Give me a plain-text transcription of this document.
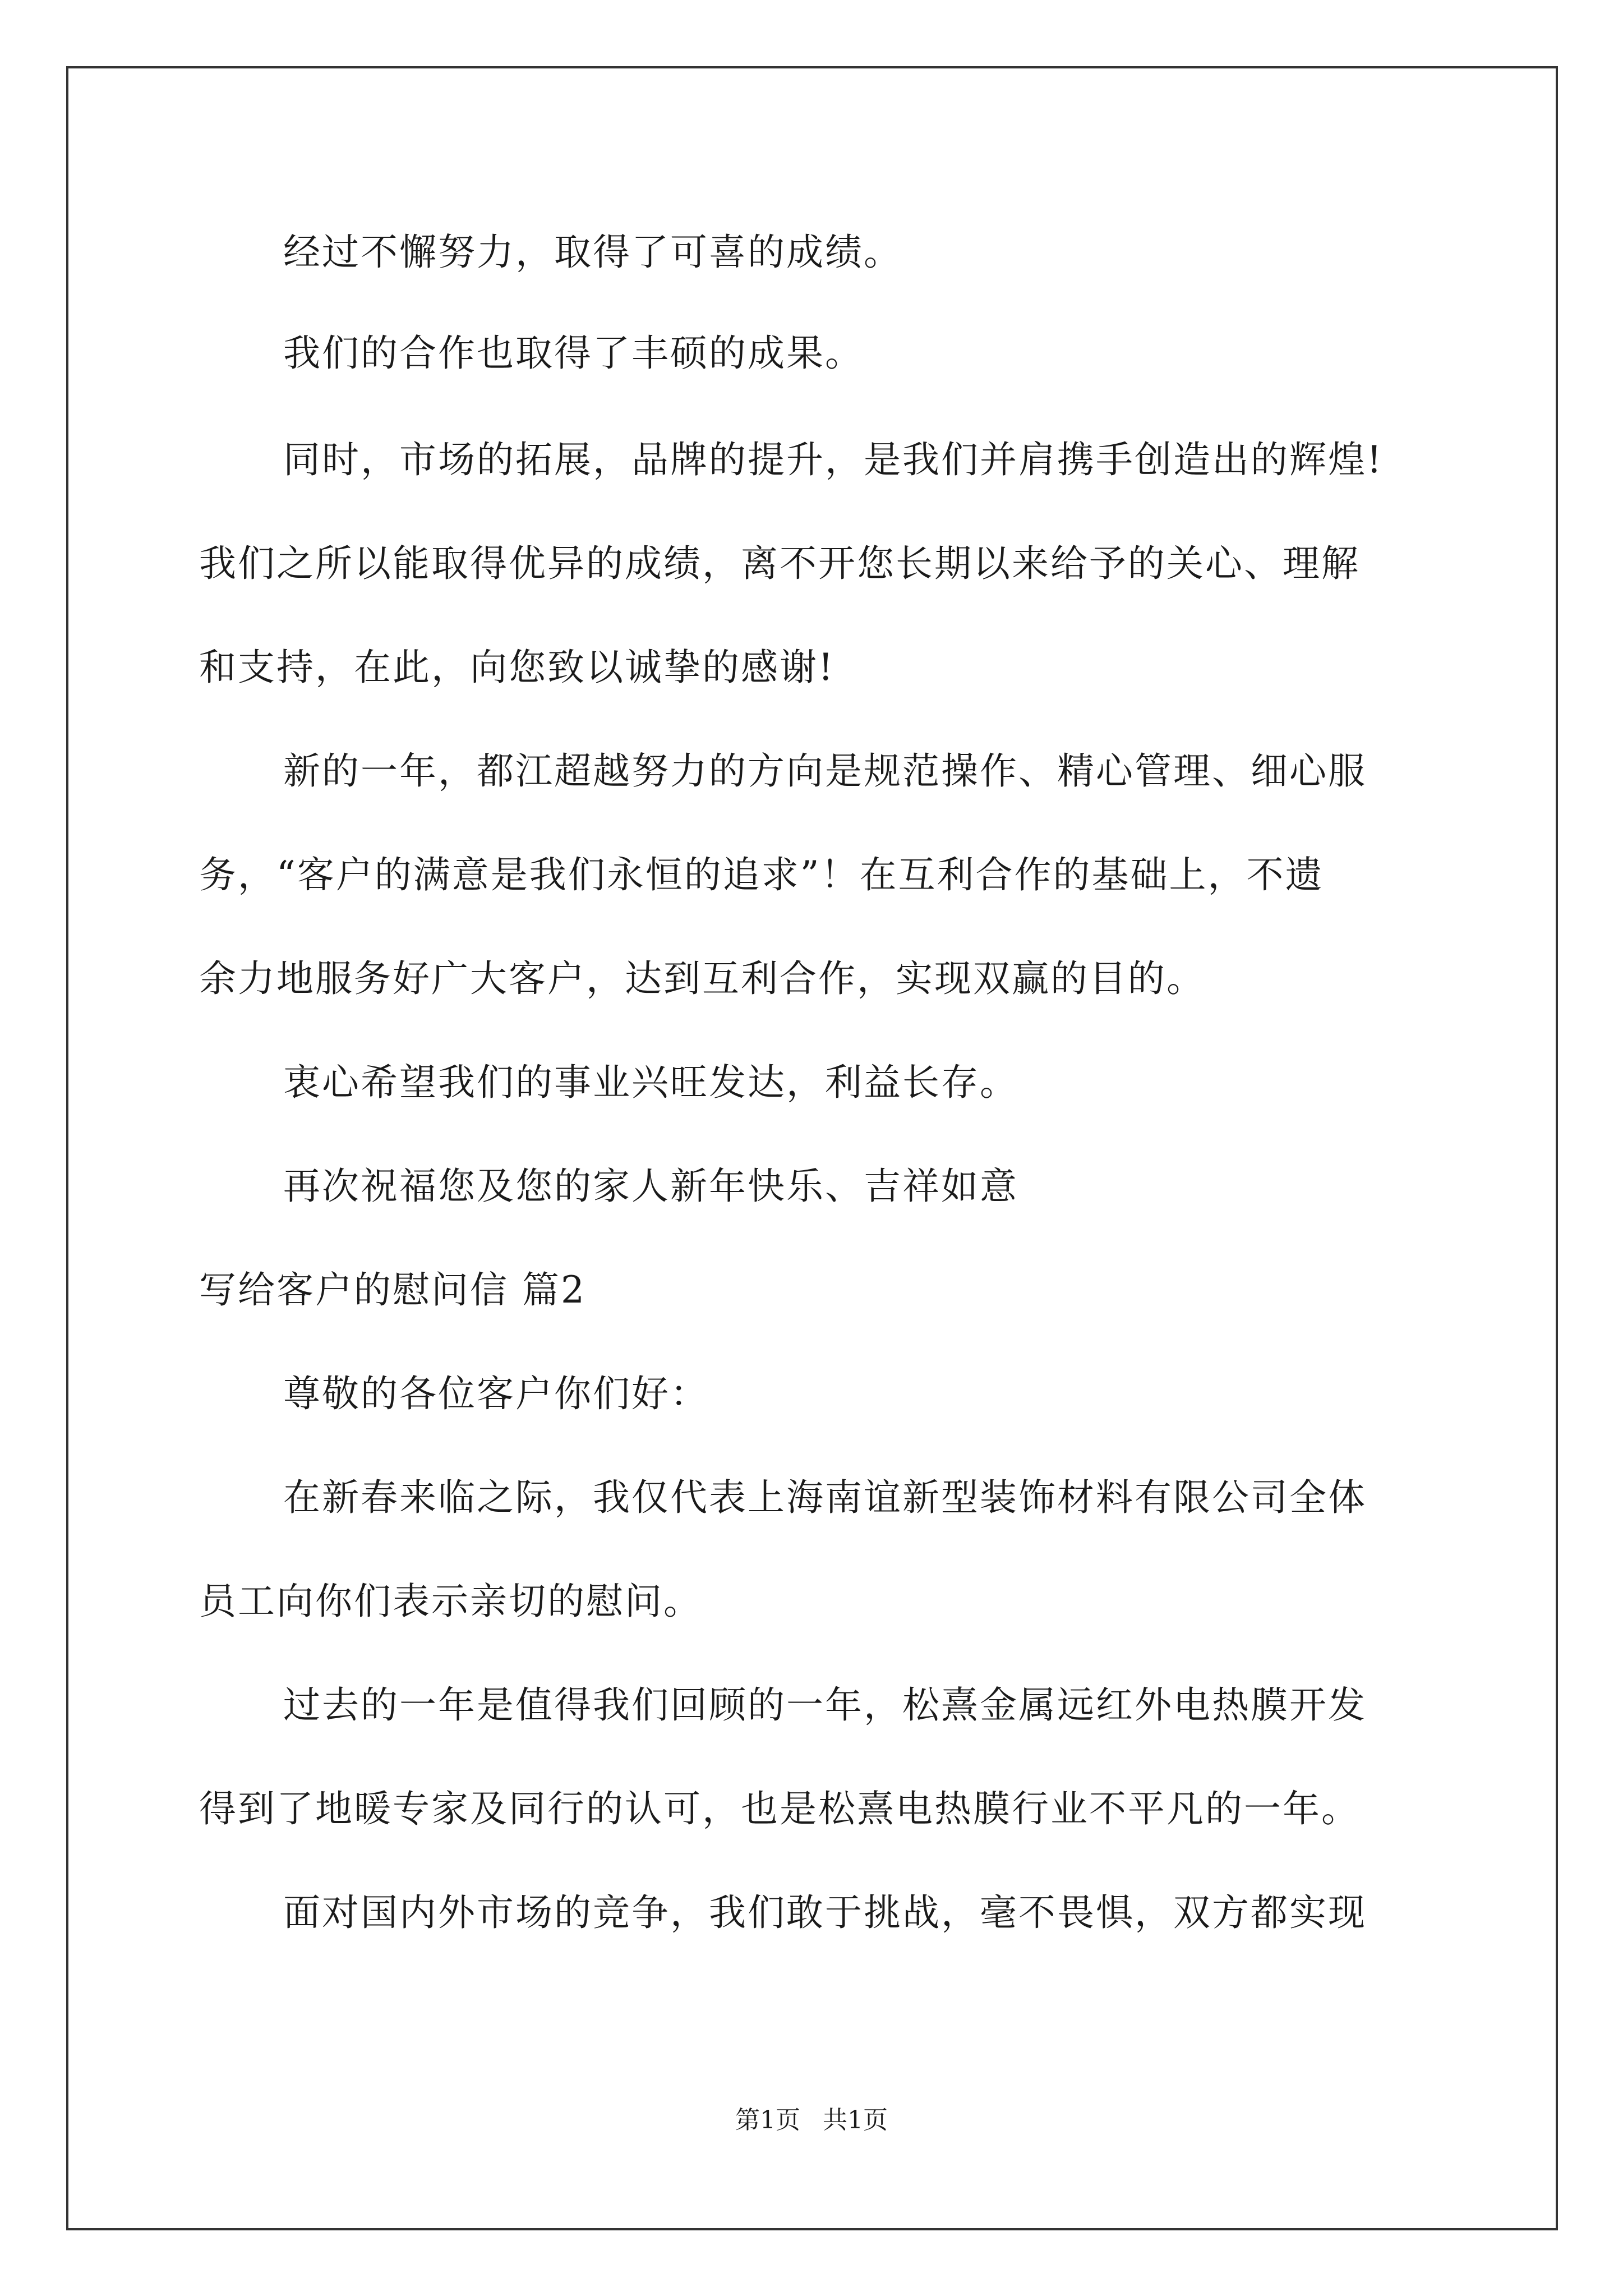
经过不懈努力，取得了可喜的成绩。
我们的合作也取得了丰硕的成果。
同时，市场的拓展，品牌的提升，是我们并肩携手创造出的辉煌!
我们之所以能取得优异的成绩，离不开您长期以来给予的关心、理解
和支持，在此，向您致以诚挚的感谢!
新的一年，都江超越努力的方向是规范操作、精心管理、细心服
务，“客户的满意是我们永恒的追求”！在互利合作的基础上，不遗
余力地服务好广大客户，达到互利合作，实现双赢的目的。
衷心希望我们的事业兴旺发达，利益长存。
再次祝福您及您的家人新年快乐、吉祥如意
写给客户的慰问信 篇2
尊敬的各位客户你们好：
在新春来临之际，我仅代表上海南谊新型装饰材料有限公司全体
员工向你们表示亲切的慰问。
过去的一年是值得我们回顾的一年，松熹金属远红外电热膜开发
得到了地暖专家及同行的认可，也是松熹电热膜行业不平凡的一年。
面对国内外市场的竞争，我们敢于挑战，毫不畏惧，双方都实现
第1页 共1页
